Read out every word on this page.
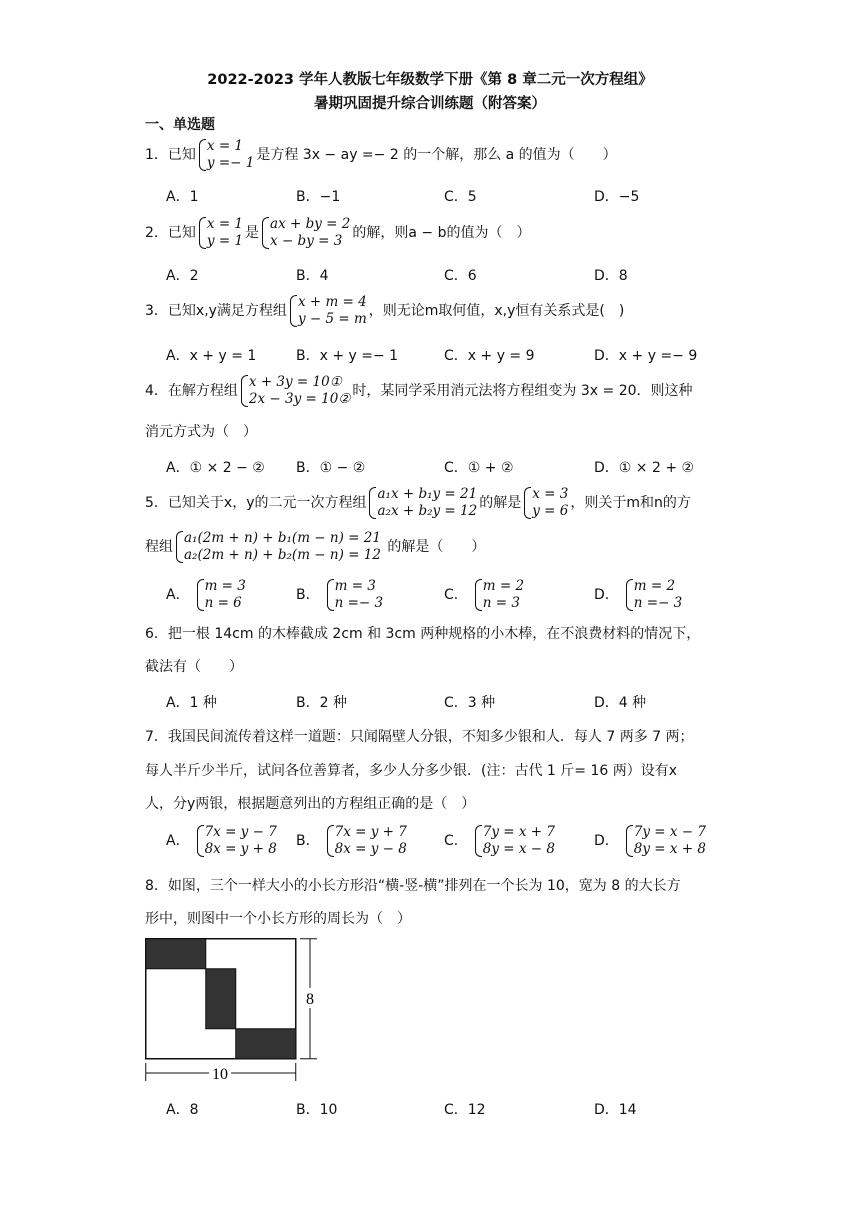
2022-2023 学年人教版七年级数学下册《第 8 章二元一次方程组》
暑期巩固提升综合训练题（附答案）
一、单选题
1．已知
x = 1
y =− 1 是方程 3x − ay =− 2 的一个解，那么 a 的值为（　　）
A．1	B．−1	C．5	D．−5
2．已知
x = 1
y = 1 是
ax + by = 2
x − by = 3 的解，则a − b的值为（　）
A．2	B．4	C．6	D．8
3．已知x,y满足方程组
x + m = 4
y − 5 = m ，则无论m取何值，x,y恒有关系式是(　)
A．x + y = 1	B．x + y =− 1	C．x + y = 9	D．x + y =− 9
4．在解方程组
x + 3y = 10①
2x − 3y = 10② 时，某同学采用消元法将方程组变为 3x = 20．则这种
消元方式为（　）
A．① × 2 − ② B．① − ②	C．① + ②	D．① × 2 + ②
5．已知关于x，y的二元一次方程组
a₁x + b₁y = 21
a₂x + b₂y = 12 的解是
x = 3
y = 6 ，则关于m和n的方
程组
a₁(2m + n) + b₁(m − n) = 21
a₂(2m + n) + b₂(m − n) = 12 的解是（　　）
A．
m = 3
n = 6	B．
m = 3
n =− 3	C．
m = 2
n = 3	D．
m = 2
n =− 3
6．把一根 14cm 的木棒截成 2cm 和 3cm 两种规格的小木棒，在不浪费材料的情况下，
截法有（　　）
A．1 种	B．2 种	C．3 种	D．4 种
7．我国民间流传着这样一道题：只闻隔壁人分银，不知多少银和人．每人 7 两多 7 两；
每人半斤少半斤，试问各位善算者，多少人分多少银．(注：古代 1 斤= 16 两）设有x
人，分y两银，根据题意列出的方程组正确的是（　）
A．
7x = y − 7
8x = y + 8 B．
7x = y + 7
8x = y − 8	C．
7y = x + 7
8y = x − 8	D．
7y = x − 7
8y = x + 8
8．如图，三个一样大小的小长方形沿“横-竖-横”排列在一个长为 10，宽为 8 的大长方
形中，则图中一个小长方形的周长为（　）
8
10
A．8	B．10	C．12	D．14
